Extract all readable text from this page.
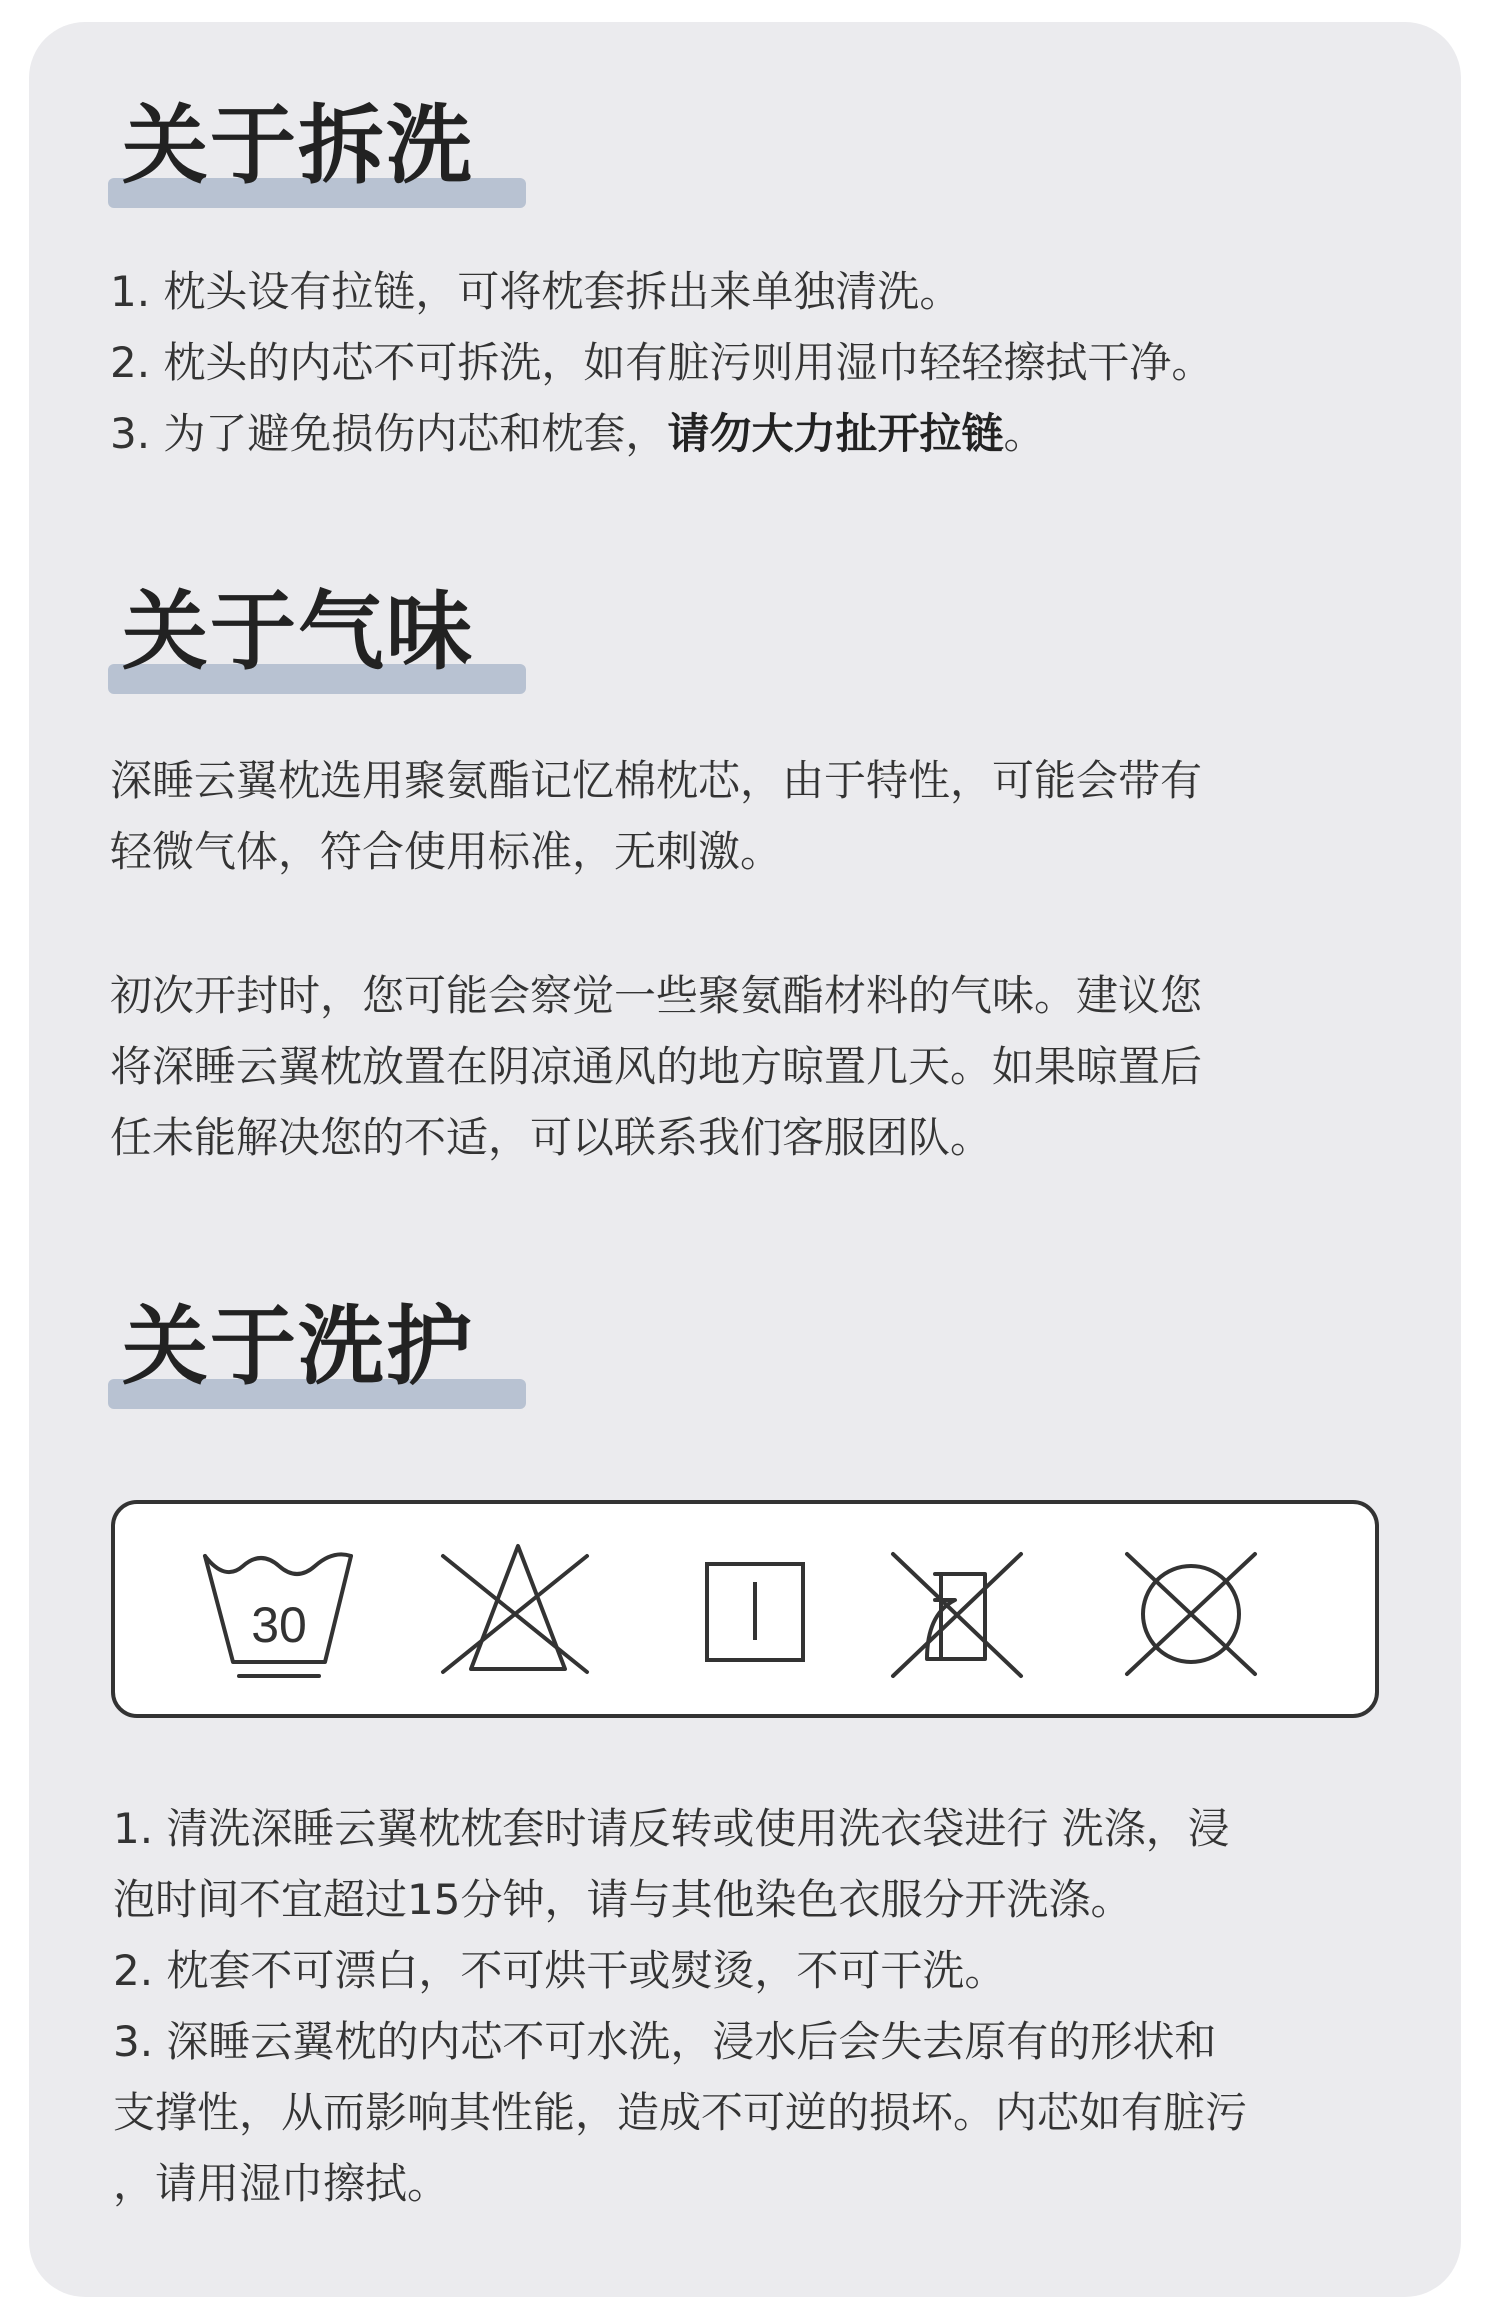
关于拆洗
1. 枕头设有拉链，可将枕套拆出来单独清洗。
2. 枕头的内芯不可拆洗，如有脏污则用湿巾轻轻擦拭干净。
3. 为了避免损伤内芯和枕套，请勿大力扯开拉链。
关于气味
深睡云翼枕选用聚氨酯记忆棉枕芯，由于特性，可能会带有
轻微气体，符合使用标准，无刺激。
初次开封时，您可能会察觉一些聚氨酯材料的气味。建议您
将深睡云翼枕放置在阴凉通风的地方晾置几天。如果晾置后
任未能解决您的不适，可以联系我们客服团队。
关于洗护
30
1. 清洗深睡云翼枕枕套时请反转或使用洗衣袋进行 洗涤，浸
泡时间不宜超过15分钟，请与其他染色衣服分开洗涤。
2. 枕套不可漂白，不可烘干或熨烫，不可干洗。
3. 深睡云翼枕的内芯不可水洗，浸水后会失去原有的形状和
支撑性，从而影响其性能，造成不可逆的损坏。内芯如有脏污
，请用湿巾擦拭。
